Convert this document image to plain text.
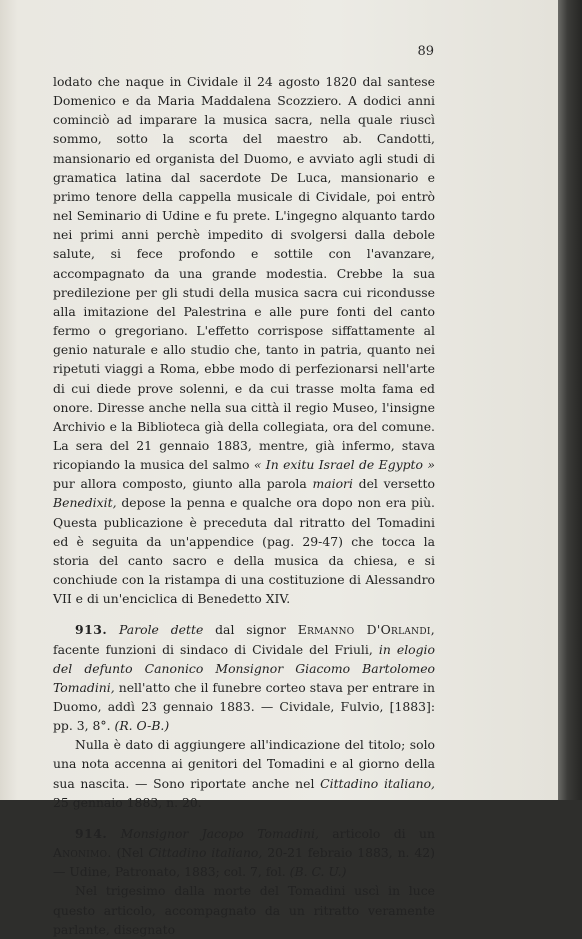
89

lodato che naque in Cividale il 24 agosto 1820 dal santese Domenico e da Maria Maddalena Scozziero. A dodici anni cominciò ad imparare la musica sacra, nella quale riuscì sommo, sotto la scorta del maestro ab. Candotti, mansionario ed organista del Duomo, e avviato agli studi di gramatica latina dal sacerdote De Luca, mansionario e primo tenore della cappella musicale di Cividale, poi entrò nel Seminario di Udine e fu prete. L'ingegno alquanto tardo nei primi anni perchè impedito di svolgersi dalla debole salute, si fece profondo e sottile con l'avanzare, accompagnato da una grande modestia. Crebbe la sua predilezione per gli studi della musica sacra cui ricondusse alla imitazione del Palestrina e alle pure fonti del canto fermo o gregoriano. L'effetto corrispose siffattamente al genio naturale e allo studio che, tanto in patria, quanto nei ripetuti viaggi a Roma, ebbe modo di perfezionarsi nell'arte di cui diede prove solenni, e da cui trasse molta fama ed onore. Diresse anche nella sua città il regio Museo, l'insigne Archivio e la Biblioteca già della collegiata, ora del comune. La sera del 21 gennaio 1883, mentre, già infermo, stava ricopiando la musica del salmo « In exitu Israel de Egypto » pur allora composto, giunto alla parola maiori del versetto Benedixit, depose la penna e qualche ora dopo non era più. Questa publicazione è preceduta dal ritratto del Tomadini ed è seguita da un'appendice (pag. 29-47) che tocca la storia del canto sacro e della musica da chiesa, e si conchiude con la ristampa di una costituzione di Alessandro VII e di un'enciclica di Benedetto XIV.

913. Parole dette dal signor Ermanno D'Orlandi, facente funzioni di sindaco di Cividale del Friuli, in elogio del defunto Canonico Monsignor Giacomo Bartolomeo Tomadini, nell'atto che il funebre corteo stava per entrare in Duomo, addì 23 gennaio 1883. — Cividale, Fulvio, [1883]: pp. 3, 8°. (R. O-B.)

Nulla è dato di aggiungere all'indicazione del titolo; solo una nota accenna ai genitori del Tomadini e al giorno della sua nascita. — Sono riportate anche nel Cittadino italiano, 25 gennaio 1883, n. 20.

914. Monsignor Jacopo Tomadini, articolo di un Anonimo. (Nel Cittadino italiano, 20-21 febraio 1883, n. 42) — Udine, Patronato, 1883; col. 7, fol. (B. C. U.)

Nel trigesimo dalla morte del Tomadini uscì in luce questo articolo, accompagnato da un ritratto veramente parlante, disegnato
